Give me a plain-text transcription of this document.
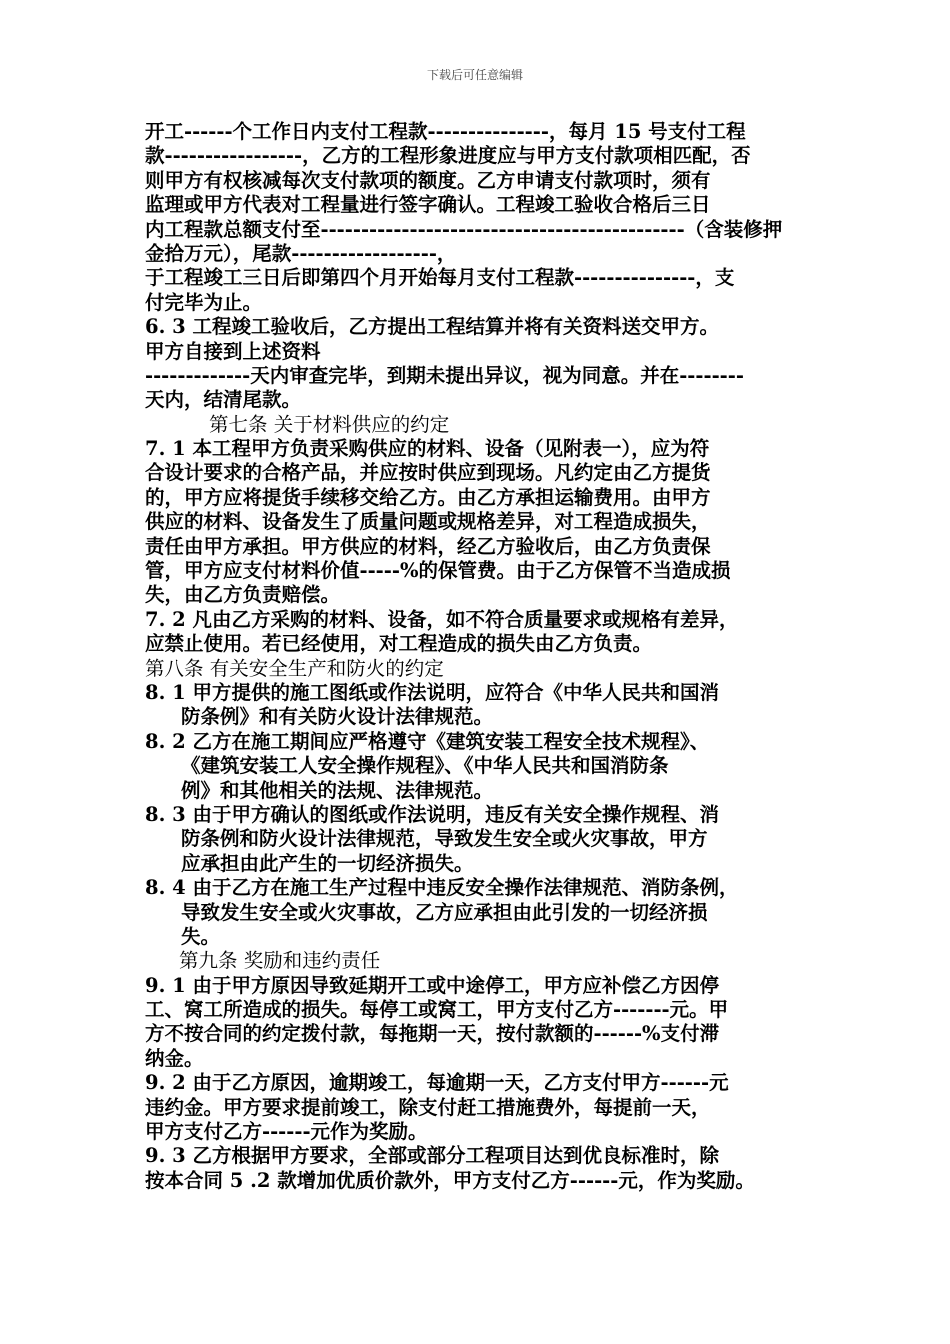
下载后可任意编辑
开工------个工作日内支付工程款---------------，每月 15 号支付工程
款-----------------，乙方的工程形象进度应与甲方支付款项相匹配，否
则甲方有权核减每次支付款项的额度。乙方申请支付款项时，须有
监理或甲方代表对工程量进行签字确认。工程竣工验收合格后三日
内工程款总额支付至---------------------------------------------（含装修押
金拾万元），尾款------------------，
于工程竣工三日后即第四个月开始每月支付工程款---------------，支
付完毕为止。
6. 3 工程竣工验收后，乙方提出工程结算并将有关资料送交甲方。
甲方自接到上述资料
-------------天内审查完毕，到期未提出异议，视为同意。并在--------
天内，结清尾款。
第七条 关于材料供应的约定
7. 1 本工程甲方负责采购供应的材料、设备（见附表一），应为符
合设计要求的合格产品，并应按时供应到现场。凡约定由乙方提货
的，甲方应将提货手续移交给乙方。由乙方承担运输费用。由甲方
供应的材料、设备发生了质量问题或规格差异，对工程造成损失，
责任由甲方承担。甲方供应的材料，经乙方验收后，由乙方负责保
管，甲方应支付材料价值-----%的保管费。由于乙方保管不当造成损
失，由乙方负责赔偿。
7. 2 凡由乙方采购的材料、设备，如不符合质量要求或规格有差异，
应禁止使用。若已经使用，对工程造成的损失由乙方负责。
第八条 有关安全生产和防火的约定
8. 1 甲方提供的施工图纸或作法说明，应符合《中华人民共和国消
防条例》和有关防火设计法律规范。
8. 2 乙方在施工期间应严格遵守《建筑安装工程安全技术规程》、
《建筑安装工人安全操作规程》、《中华人民共和国消防条
例》和其他相关的法规、法律规范。
8. 3 由于甲方确认的图纸或作法说明，违反有关安全操作规程、消
防条例和防火设计法律规范，导致发生安全或火灾事故，甲方
应承担由此产生的一切经济损失。
8. 4 由于乙方在施工生产过程中违反安全操作法律规范、消防条例，
导致发生安全或火灾事故，乙方应承担由此引发的一切经济损
失。
第九条 奖励和违约责任
9. 1 由于甲方原因导致延期开工或中途停工，甲方应补偿乙方因停
工、窝工所造成的损失。每停工或窝工，甲方支付乙方-------元。甲
方不按合同的约定拨付款，每拖期一天，按付款额的------%支付滞
纳金。
9. 2 由于乙方原因，逾期竣工，每逾期一天，乙方支付甲方------元
违约金。甲方要求提前竣工，除支付赶工措施费外，每提前一天，
甲方支付乙方------元作为奖励。
9. 3 乙方根据甲方要求，全部或部分工程项目达到优良标准时，除
按本合同 5 .2 款增加优质价款外，甲方支付乙方------元，作为奖励。
